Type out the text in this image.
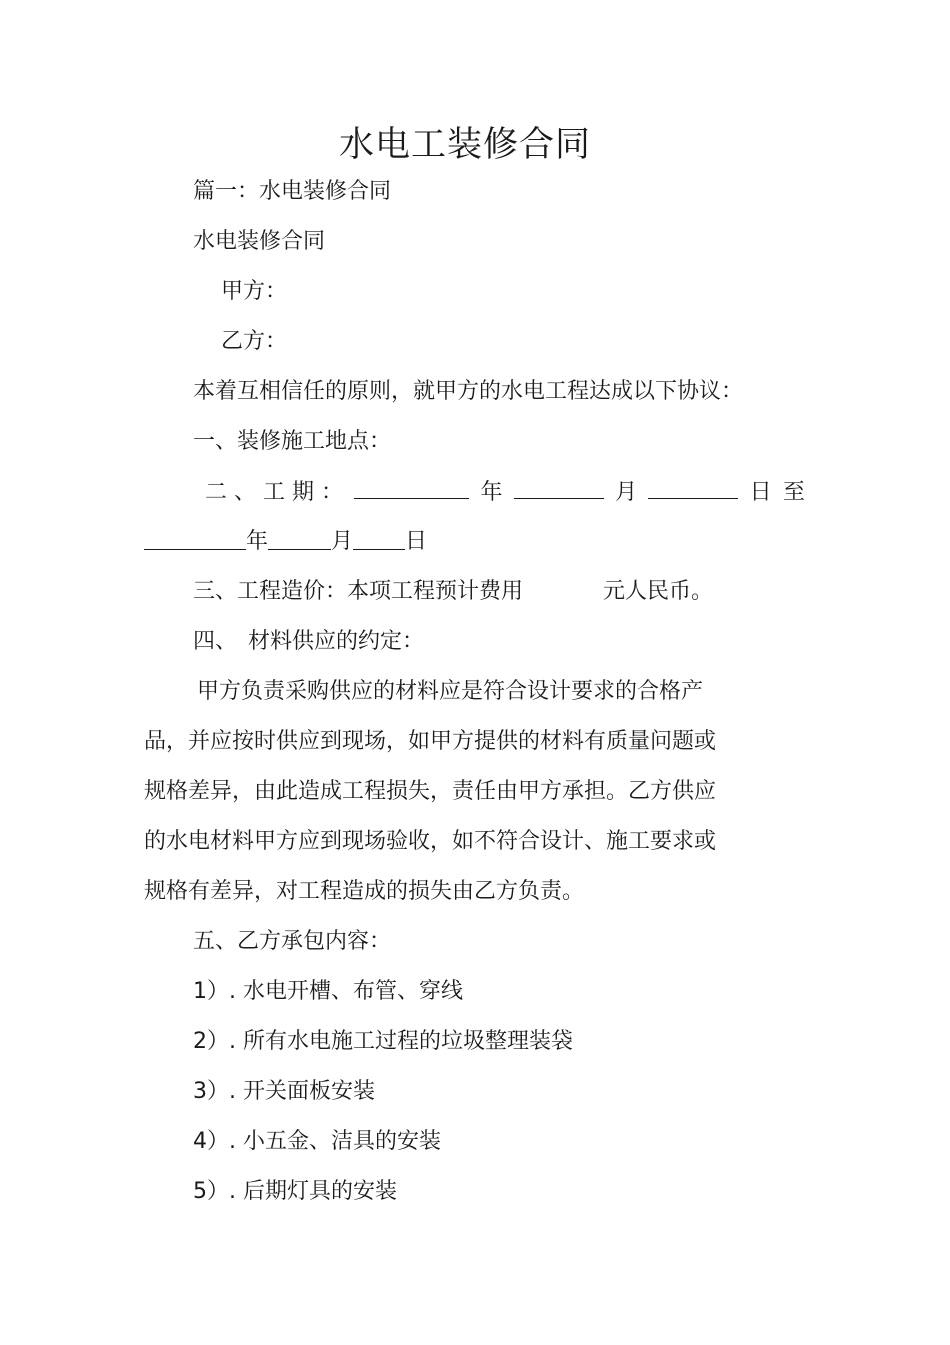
水电工装修合同
篇一：水电装修合同
水电装修合同
甲方：
乙方：
本着互相信任的原则，就甲方的水电工程达成以下协议：
一、装修施工地点：
二 、 工 期 ：	年	月	日 至
年	月 日
三、工程造价：本项工程预计费用	元人民币。
四、　材料供应的约定：
甲方负责采购供应的材料应是符合设计要求的合格产
品，并应按时供应到现场，如甲方提供的材料有质量问题或
规格差异，由此造成工程损失，责任由甲方承担。乙方供应
的水电材料甲方应到现场验收，如不符合设计、施工要求或
规格有差异，对工程造成的损失由乙方负责。
五、乙方承包内容：
1）. 水电开槽、布管、穿线
2）. 所有水电施工过程的垃圾整理装袋
3）. 开关面板安装
4）. 小五金、洁具的安装
5）. 后期灯具的安装
